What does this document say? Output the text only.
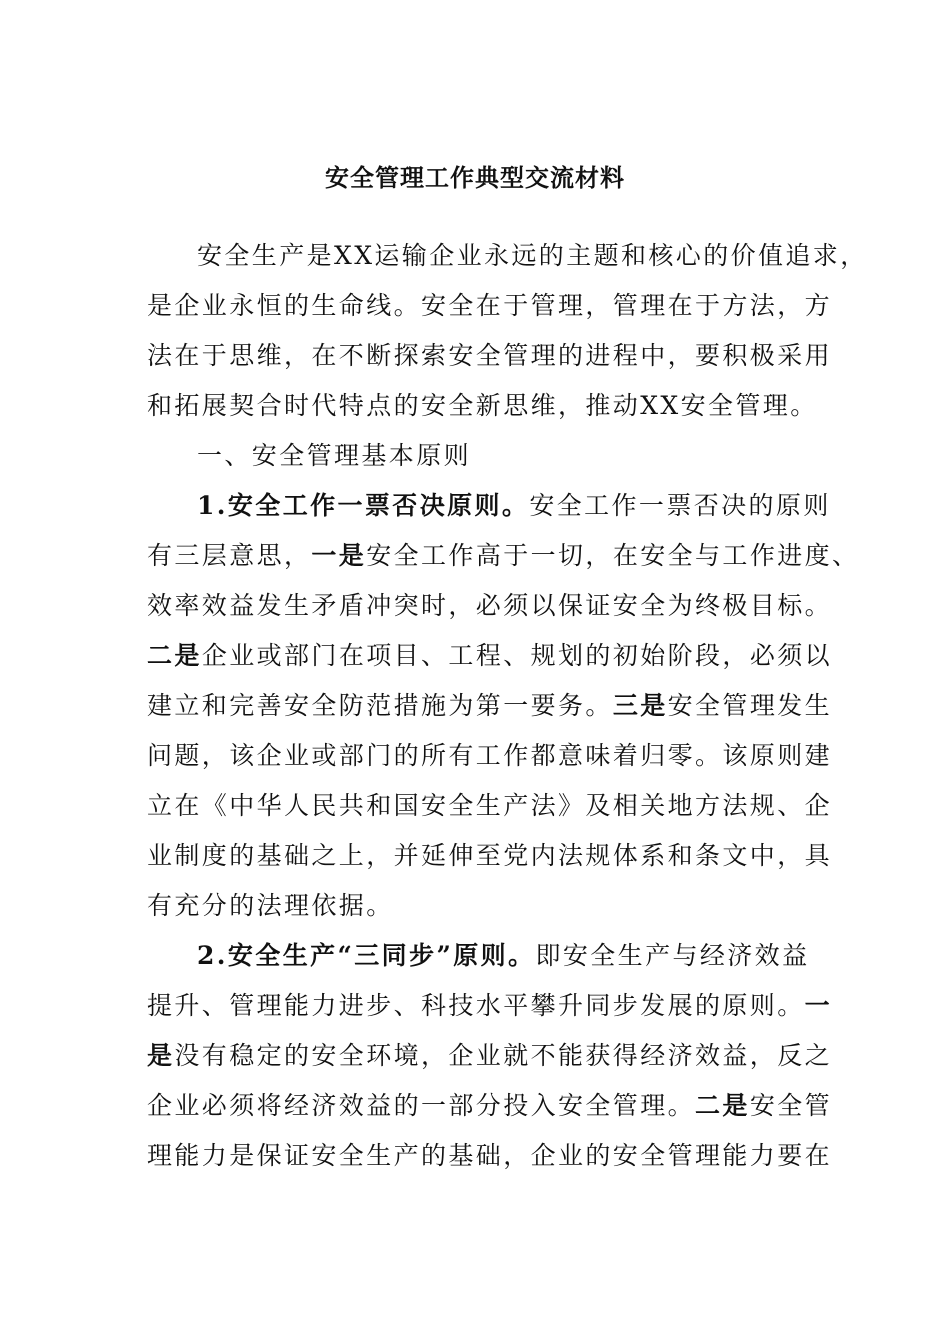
安全管理工作典型交流材料
安全生产是XX运输企业永远的主题和核心的价值追求，
是企业永恒的生命线。安全在于管理，管理在于方法，方
法在于思维，在不断探索安全管理的进程中，要积极采用
和拓展契合时代特点的安全新思维，推动XX安全管理。
一、安全管理基本原则
1.安全工作一票否决原则。安全工作一票否决的原则
有三层意思，一是安全工作高于一切，在安全与工作进度、
效率效益发生矛盾冲突时，必须以保证安全为终极目标。
二是企业或部门在项目、工程、规划的初始阶段，必须以
建立和完善安全防范措施为第一要务。三是安全管理发生
问题，该企业或部门的所有工作都意味着归零。该原则建
立在《中华人民共和国安全生产法》及相关地方法规、企
业制度的基础之上，并延伸至党内法规体系和条文中，具
有充分的法理依据。
2.安全生产“三同步”原则。即安全生产与经济效益
提升、管理能力进步、科技水平攀升同步发展的原则。一
是没有稳定的安全环境，企业就不能获得经济效益，反之
企业必须将经济效益的一部分投入安全管理。二是安全管
理能力是保证安全生产的基础，企业的安全管理能力要在
